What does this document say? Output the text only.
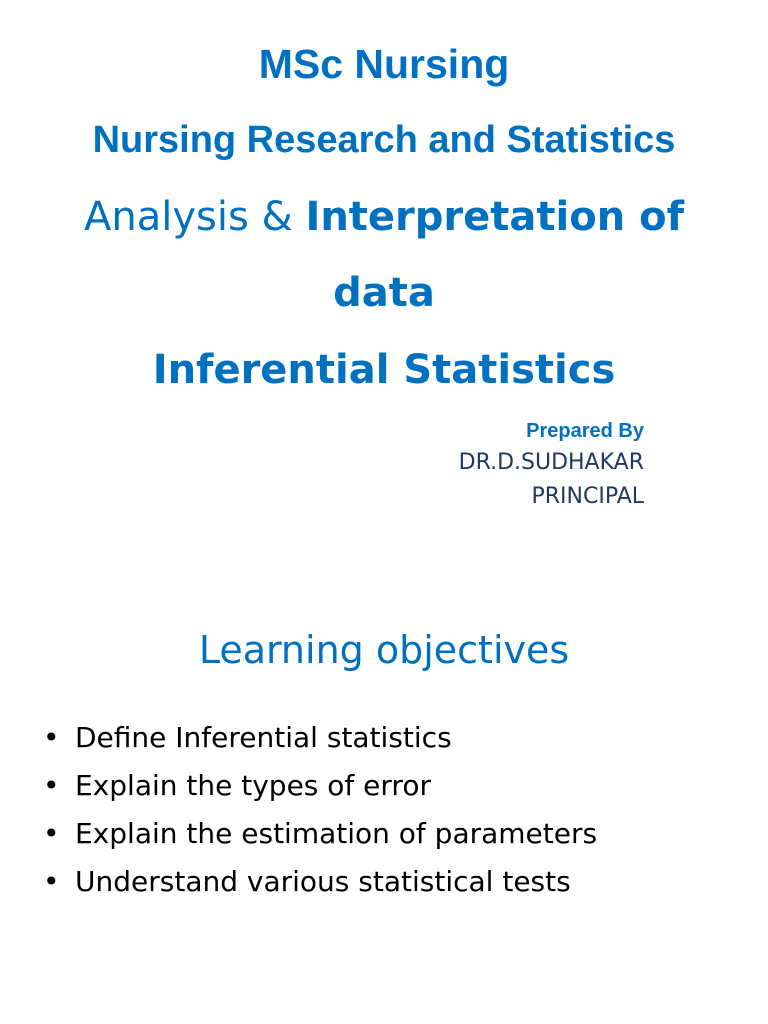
MSc Nursing
Nursing Research and Statistics
Analysis & Interpretation of
data
Inferential Statistics
Prepared By
DR.D.SUDHAKAR
PRINCIPAL
Learning objectives
• Define Inferential statistics
• Explain the types of error
• Explain the estimation of parameters
• Understand various statistical tests
